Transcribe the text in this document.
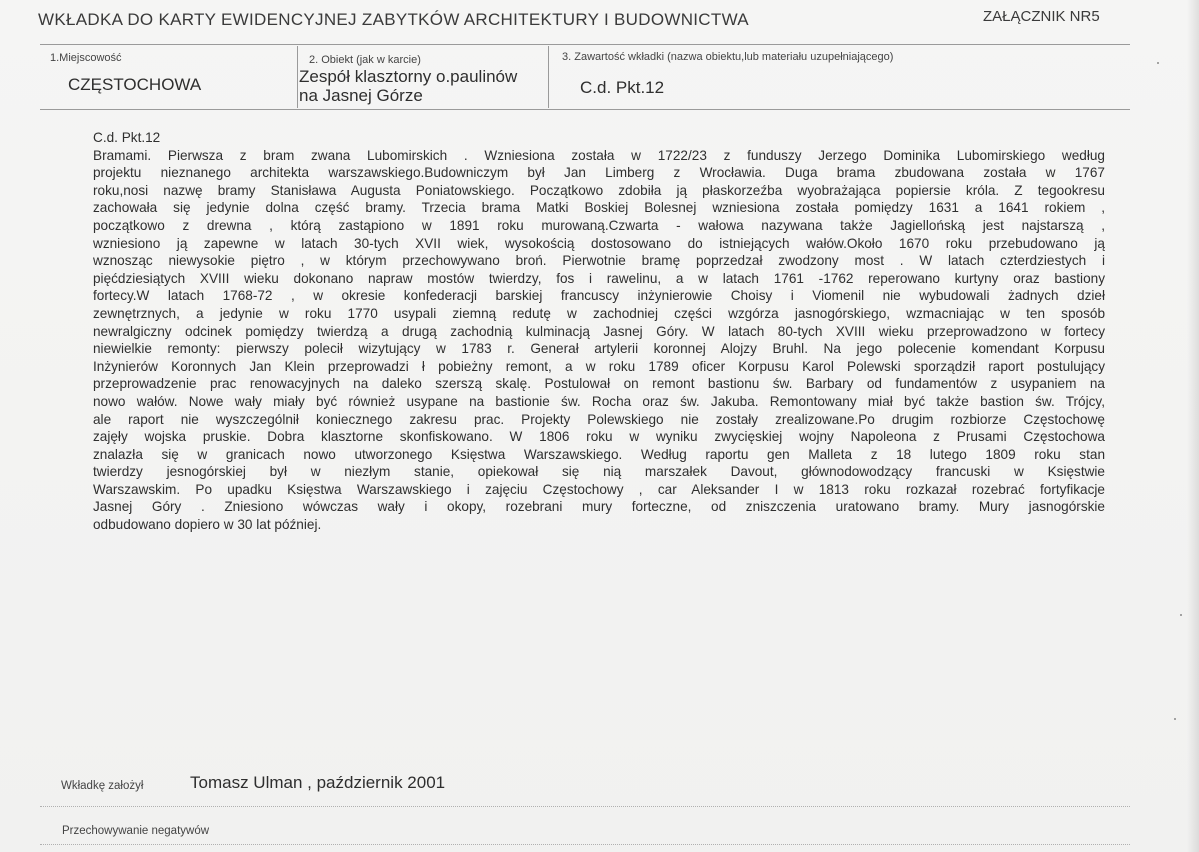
WKŁADKA DO KARTY EWIDENCYJNEJ ZABYTKÓW ARCHITEKTURY I BUDOWNICTWA	ZAŁĄCZNIK NR5
1.Miejscowość
CZĘSTOCHOWA
2. Obiekt (jak w karcie)
Zespół klasztorny o.paulinów
na Jasnej Górze
3. Zawartość wkładki (nazwa obiektu,lub materiału uzupełniającego)
C.d. Pkt.12
C.d. Pkt.12
Bramami. Pierwsza z bram zwana Lubomirskich . Wzniesiona została w 1722/23 z funduszy Jerzego Dominika Lubomirskiego według
projektu nieznanego architekta warszawskiego.Budowniczym był Jan Limberg z Wrocławia. Duga brama zbudowana została w 1767
roku,nosi nazwę bramy Stanisława Augusta Poniatowskiego. Początkowo zdobiła ją płaskorzeźba wyobrażająca popiersie króla. Z tegookresu
zachowała się jedynie dolna część bramy. Trzecia brama Matki Boskiej Bolesnej wzniesiona została pomiędzy 1631 a 1641 rokiem ,
początkowo z drewna , którą zastąpiono w 1891 roku murowaną.Czwarta - wałowa nazywana także Jagiellońską jest najstarszą ,
wzniesiono ją zapewne w latach 30-tych XVII wiek, wysokością dostosowano do istniejących wałów.Około 1670 roku przebudowano ją
wznosząc niewysokie piętro , w którym przechowywano broń. Pierwotnie bramę poprzedzał zwodzony most . W latach czterdziestych i
pięćdziesiątych XVIII wieku dokonano napraw mostów twierdzy, fos i rawelinu, a w latach 1761 -1762 reperowano kurtyny oraz bastiony
fortecy.W latach 1768-72 , w okresie konfederacji barskiej francuscy inżynierowie Choisy i Viomenil nie wybudowali żadnych dzieł
zewnętrznych, a jedynie w roku 1770 usypali ziemną redutę w zachodniej części wzgórza jasnogórskiego, wzmacniając w ten sposób
newralgiczny odcinek pomiędzy twierdzą a drugą zachodnią kulminacją Jasnej Góry. W latach 80-tych XVIII wieku przeprowadzono w fortecy
niewielkie remonty: pierwszy polecił wizytujący w 1783 r. Generał artylerii koronnej Alojzy Bruhl. Na jego polecenie komendant Korpusu
Inżynierów Koronnych Jan Klein przeprowadzi ł pobieżny remont, a w roku 1789 oficer Korpusu Karol Polewski sporządził raport postulujący
przeprowadzenie prac renowacyjnych na daleko szerszą skalę. Postulował on remont bastionu św. Barbary od fundamentów z usypaniem na
nowo wałów. Nowe wały miały być również usypane na bastionie św. Rocha oraz św. Jakuba. Remontowany miał być także bastion św. Trójcy,
ale raport nie wyszczególnił koniecznego zakresu prac. Projekty Polewskiego nie zostały zrealizowane.Po drugim rozbiorze Częstochowę
zajęły wojska pruskie. Dobra klasztorne skonfiskowano. W 1806 roku w wyniku zwycięskiej wojny Napoleona z Prusami Częstochowa
znalazła się w granicach nowo utworzonego Księstwa Warszawskiego. Według raportu gen Malleta z 18 lutego 1809 roku stan
twierdzy jesnogórskiej był w niezłym stanie, opiekował się nią marszałek Davout, głównodowodzący francuski w Księstwie
Warszawskim. Po upadku Księstwa Warszawskiego i zajęciu Częstochowy , car Aleksander I w 1813 roku rozkazał rozebrać fortyfikacje
Jasnej Góry . Zniesiono wówczas wały i okopy, rozebrani mury forteczne, od zniszczenia uratowano bramy. Mury jasnogórskie
odbudowano dopiero w 30 lat później.
Wkładkę założył	Tomasz Ulman , październik 2001
Przechowywanie negatywów
